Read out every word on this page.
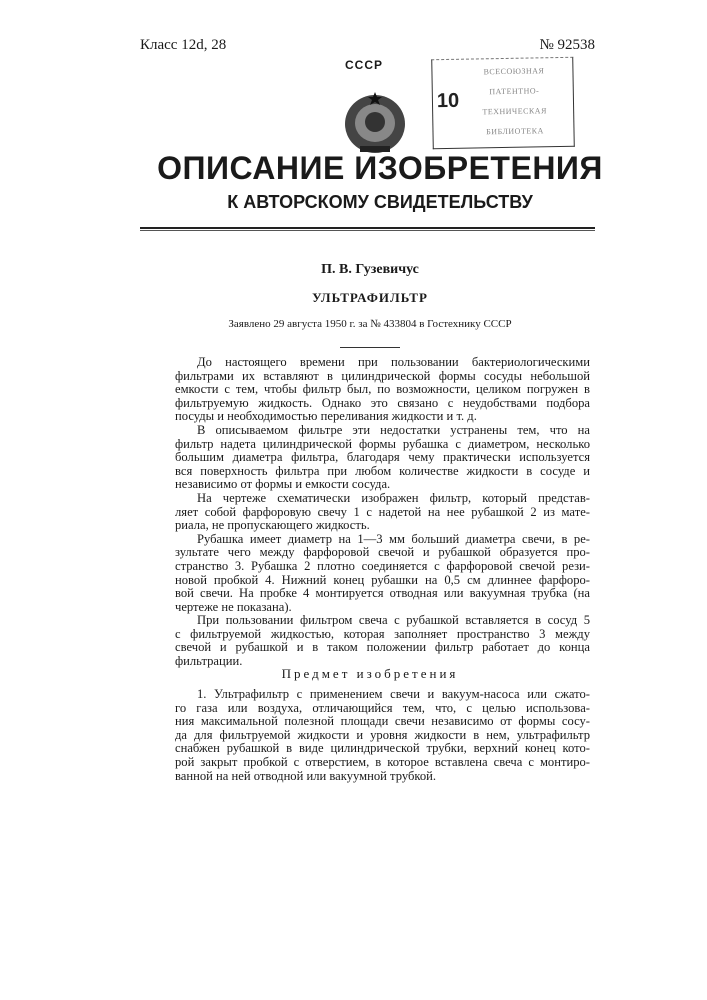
Класс 12d, 28	№ 92538
СССР
10
ВСЕСОЮЗНАЯ
ПАТЕНТНО-
ТЕХНИЧЕСКАЯ
БИБЛИОТЕКА
ОПИСАНИЕ ИЗОБРЕТЕНИЯ
К АВТОРСКОМУ СВИДЕТЕЛЬСТВУ
П. В. Гузевичус
УЛЬТРАФИЛЬТР
Заявлено 29 августа 1950 г. за № 433804 в Гостехнику СССР
До настоящего времени при пользовании бактериологическими
фильтрами их вставляют в цилиндрической формы сосуды небольшой
емкости с тем, чтобы фильтр был, по возможности, целиком погружен в
фильтруемую жидкость. Однако это связано с неудобствами подбора
посуды и необходимостью переливания жидкости и т. д.
В описываемом фильтре эти недостатки устранены тем, что на
фильтр надета цилиндрической формы рубашка с диаметром, несколько
большим диаметра фильтра, благодаря чему практически используется
вся поверхность фильтра при любом количестве жидкости в сосуде и
независимо от формы и емкости сосуда.
На чертеже схематически изображен фильтр, который представ-
ляет собой фарфоровую свечу 1 с надетой на нее рубашкой 2 из мате-
риала, не пропускающего жидкость.
Рубашка имеет диаметр на 1—3 мм больший диаметра свечи, в ре-
зультате чего между фарфоровой свечой и рубашкой образуется про-
странство 3. Рубашка 2 плотно соединяется с фарфоровой свечой рези-
новой пробкой 4. Нижний конец рубашки на 0,5 см длиннее фарфоро-
вой свечи. На пробке 4 монтируется отводная или вакуумная трубка (на
чертеже не показана).
При пользовании фильтром свеча с рубашкой вставляется в сосуд 5
с фильтруемой жидкостью, которая заполняет пространство 3 между
свечой и рубашкой и в таком положении фильтр работает до конца
фильтрации.
Предмет изобретения
1. Ультрафильтр с применением свечи и вакуум-насоса или сжато-
го газа или воздуха, отличающийся тем, что, с целью использова-
ния максимальной полезной площади свечи независимо от формы сосу-
да для фильтруемой жидкости и уровня жидкости в нем, ультрафильтр
снабжен рубашкой в виде цилиндрической трубки, верхний конец кото-
рой закрыт пробкой с отверстием, в которое вставлена свеча с монтиро-
ванной на ней отводной или вакуумной трубкой.
